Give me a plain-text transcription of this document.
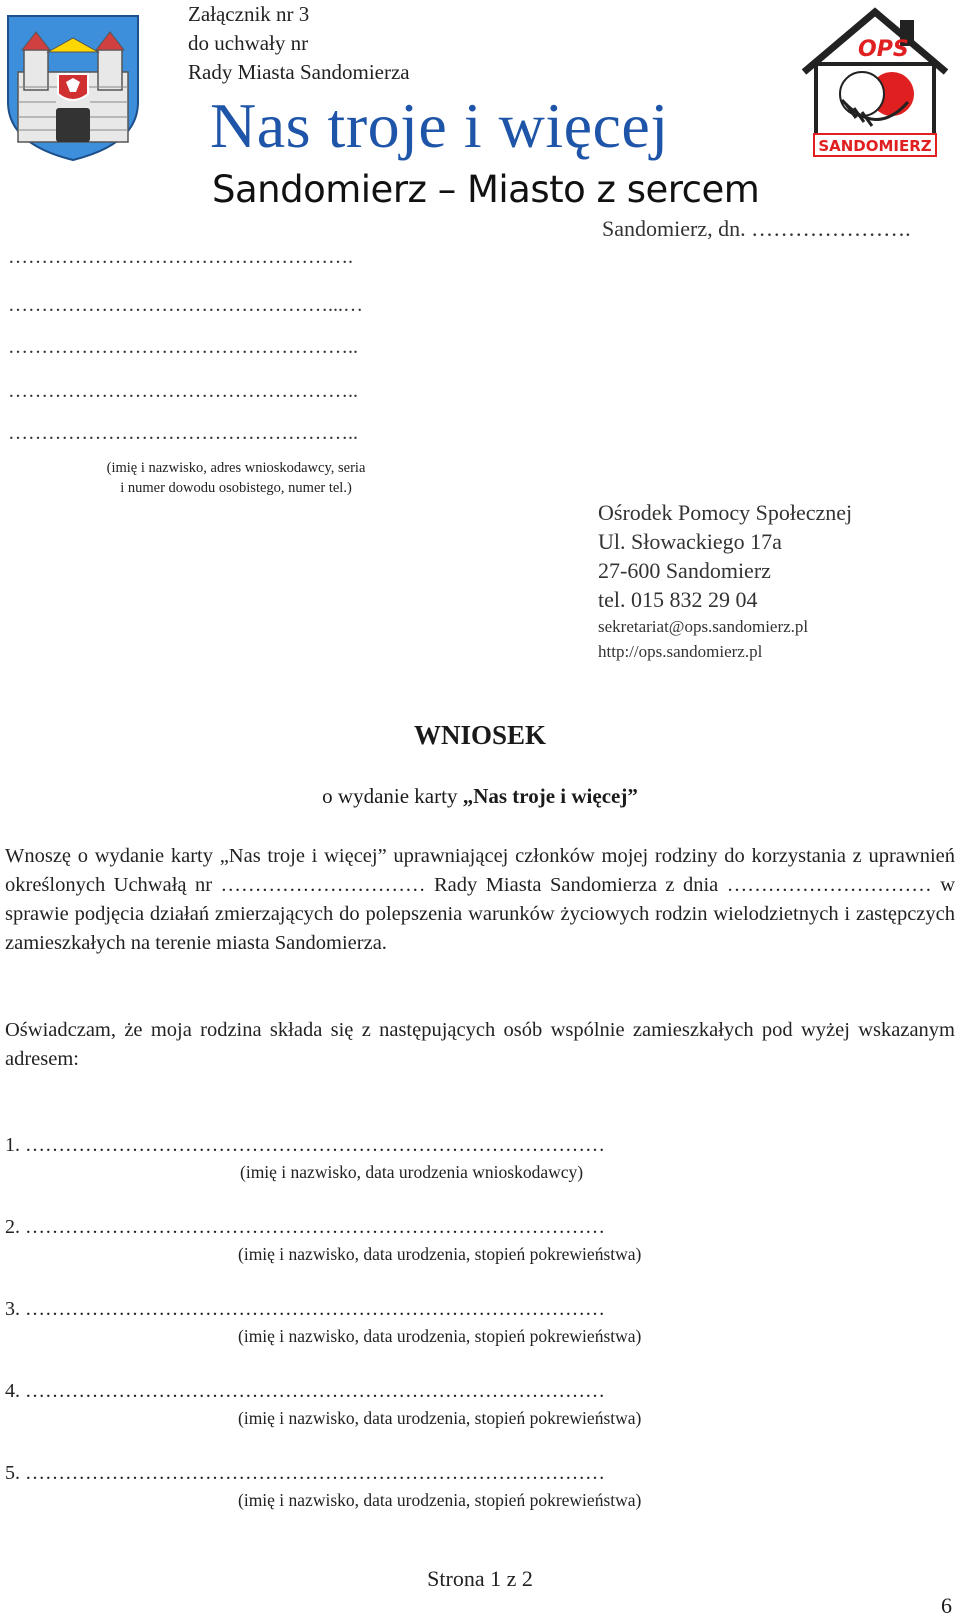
Załącznik nr 3
do uchwały nr
Rady Miasta Sandomierza
OPS
SANDOMIERZ
Nas troje i więcej
Sandomierz – Miasto z sercem
Sandomierz, dn. ………………….
…………………………………………….
…………………………………………...…
……………………………………………..
……………………………………………..
……………………………………………..
(imię i nazwisko, adres wnioskodawcy, seria
i numer dowodu osobistego, numer tel.)
Ośrodek Pomocy Społecznej
Ul. Słowackiego 17a
27-600 Sandomierz
tel. 015 832 29 04
sekretariat@ops.sandomierz.pl
http://ops.sandomierz.pl
WNIOSEK
o wydanie karty „Nas troje i więcej”
Wnoszę o wydanie karty „Nas troje i więcej” uprawniającej członków mojej rodziny do korzystania z uprawnień określonych Uchwałą nr ………………………… Rady Miasta Sandomierza z dnia ………………………… w sprawie podjęcia działań zmierzających do polepszenia warunków życiowych rodzin wielodzietnych i zastępczych zamieszkałych na terenie miasta Sandomierza.
Oświadczam, że moja rodzina składa się z następujących osób wspólnie zamieszkałych pod wyżej wskazanym adresem:
1. ……………………………………………………………………………
(imię i nazwisko, data urodzenia wnioskodawcy)
2. ……………………………………………………………………………
(imię i nazwisko, data urodzenia, stopień pokrewieństwa)
3. ……………………………………………………………………………
(imię i nazwisko, data urodzenia, stopień pokrewieństwa)
4. ……………………………………………………………………………
(imię i nazwisko, data urodzenia, stopień pokrewieństwa)
5. ……………………………………………………………………………
(imię i nazwisko, data urodzenia, stopień pokrewieństwa)
Strona 1 z 2
6
